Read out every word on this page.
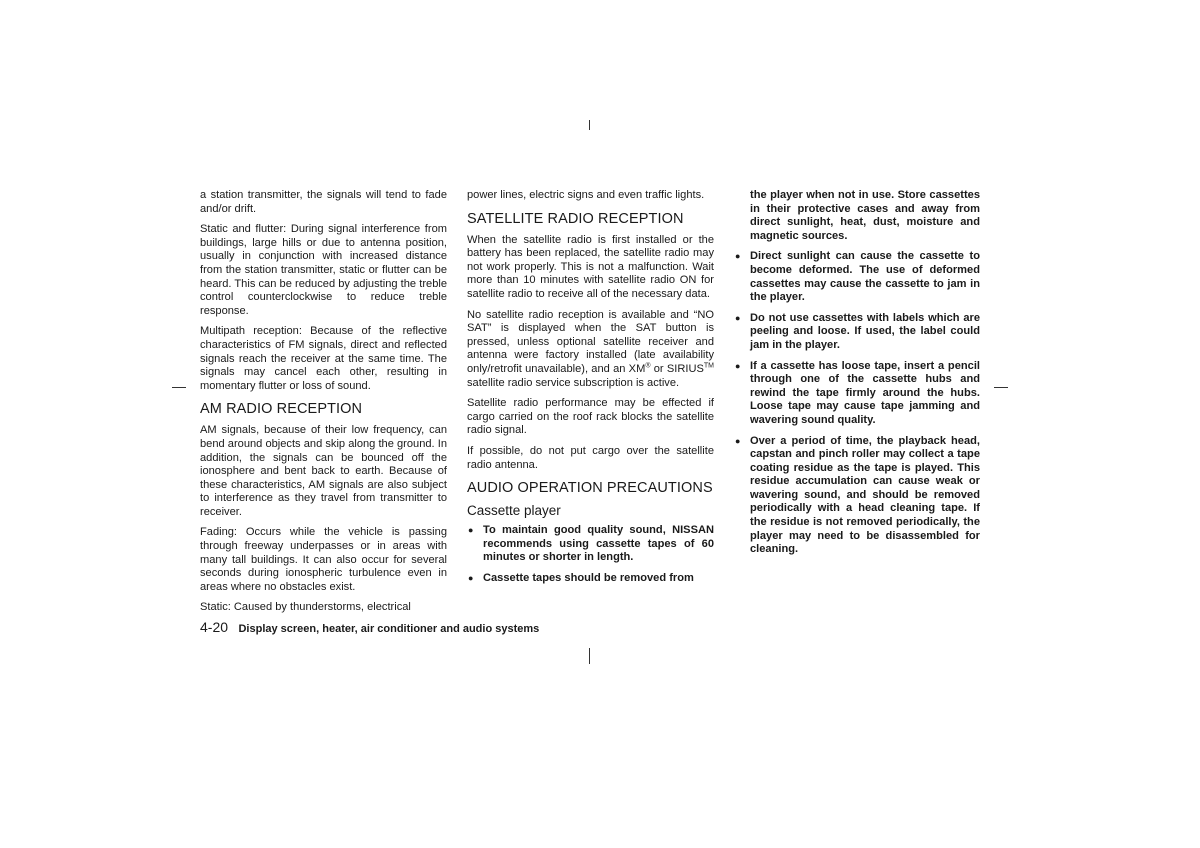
a station transmitter, the signals will tend to fade and/or drift.

Static and flutter: During signal interference from buildings, large hills or due to antenna position, usually in conjunction with increased distance from the station transmitter, static or flutter can be heard. This can be reduced by adjusting the treble control counterclockwise to reduce treble response.

Multipath reception: Because of the reflective characteristics of FM signals, direct and reflected signals reach the receiver at the same time. The signals may cancel each other, resulting in momentary flutter or loss of sound.

AM RADIO RECEPTION

AM signals, because of their low frequency, can bend around objects and skip along the ground. In addition, the signals can be bounced off the ionosphere and bent back to earth. Because of these characteristics, AM signals are also subject to interference as they travel from transmitter to receiver.

Fading: Occurs while the vehicle is passing through freeway underpasses or in areas with many tall buildings. It can also occur for several seconds during ionospheric turbulence even in areas where no obstacles exist.

Static: Caused by thunderstorms, electrical

power lines, electric signs and even traffic lights.

SATELLITE RADIO RECEPTION

When the satellite radio is first installed or the battery has been replaced, the satellite radio may not work properly. This is not a malfunction. Wait more than 10 minutes with satellite radio ON for satellite radio to receive all of the necessary data.

No satellite radio reception is available and “NO SAT” is displayed when the SAT button is pressed, unless optional satellite receiver and antenna were factory installed (late availability only/retrofit unavailable), and an XM® or SIRIUS™ satellite radio service subscription is active.

Satellite radio performance may be effected if cargo carried on the roof rack blocks the satellite radio signal.

If possible, do not put cargo over the satellite radio antenna.

AUDIO OPERATION PRECAUTIONS
Cassette player
● To maintain good quality sound, NISSAN recommends using cassette tapes of 60 minutes or shorter in length.
● Cassette tapes should be removed from

the player when not in use. Store cassettes in their protective cases and away from direct sunlight, heat, dust, moisture and magnetic sources.

● Direct sunlight can cause the cassette to become deformed. The use of deformed cassettes may cause the cassette to jam in the player.
● Do not use cassettes with labels which are peeling and loose. If used, the label could jam in the player.
● If a cassette has loose tape, insert a pencil through one of the cassette hubs and rewind the tape firmly around the hubs. Loose tape may cause tape jamming and wavering sound quality.
● Over a period of time, the playback head, capstan and pinch roller may collect a tape coating residue as the tape is played. This residue accumulation can cause weak or wavering sound, and should be removed periodically with a head cleaning tape. If the residue is not removed periodically, the player may need to be disassembled for cleaning.
4-20 Display screen, heater, air conditioner and audio systems
